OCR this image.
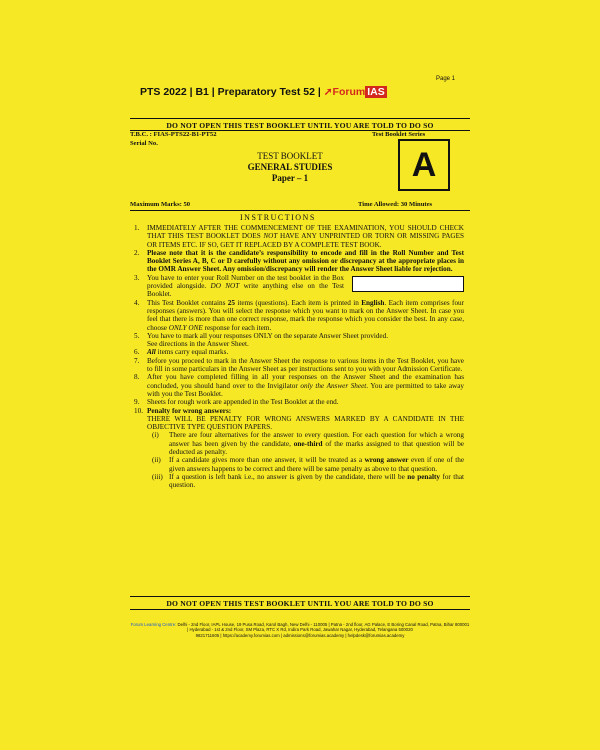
Page 1
PTS 2022 | B1 | Preparatory Test 52 | ➚Forum IAS
DO NOT OPEN THIS TEST BOOKLET UNTIL YOU ARE TOLD TO DO SO
T.B.C. : FIAS-PTS22-B1-PT52	Test Booklet Series
Serial No.
TEST BOOKLET
GENERAL STUDIES
Paper – 1	A
Maximum Marks: 50	Time Allowed: 30 Minutes
INSTRUCTIONS
1.	IMMEDIATELY AFTER THE COMMENCEMENT OF THE EXAMINATION, YOU SHOULD CHECK THAT THIS TEST BOOKLET DOES NOT HAVE ANY UNPRINTED OR TORN OR MISSING PAGES OR ITEMS ETC. IF SO, GET IT REPLACED BY A COMPLETE TEST BOOK.
2.	Please note that it is the candidate’s responsibility to encode and fill in the Roll Number and Test Booklet Series A, B, C or D carefully without any omission or discrepancy at the appropriate places in the OMR Answer Sheet. Any omission/discrepancy will render the Answer Sheet liable for rejection.
3.	You have to enter your Roll Number on the test booklet in the Box provided alongside. DO NOT write anything else on the Test Booklet.
4.	This Test Booklet contains 25 items (questions). Each item is printed in English. Each item comprises four responses (answers). You will select the response which you want to mark on the Answer Sheet. In case you feel that there is more than one correct response, mark the response which you consider the best. In any case, choose ONLY ONE response for each item.
5.	You have to mark all your responses ONLY on the separate Answer Sheet provided.
See directions in the Answer Sheet.
6.	All items carry equal marks.
7.	Before you proceed to mark in the Answer Sheet the response to various items in the Test Booklet, you have to fill in some particulars in the Answer Sheet as per instructions sent to you with your Admission Certificate.
8.	After you have completed filling in all your responses on the Answer Sheet and the examination has concluded, you should hand over to the Invigilator only the Answer Sheet. You are permitted to take away with you the Test Booklet.
9.	Sheets for rough work are appended in the Test Booklet at the end.
10. Penalty for wrong answers:
THERE WILL BE PENALTY FOR WRONG ANSWERS MARKED BY A CANDIDATE IN THE OBJECTIVE TYPE QUESTION PAPERS.
(i)	There are four alternatives for the answer to every question. For each question for which a wrong answer has been given by the candidate, one-third of the marks assigned to that question will be deducted as penalty.
(ii)	If a candidate gives more than one answer, it will be treated as a wrong answer even if one of the given answers happens to be correct and there will be same penalty as above to that question.
(iii) If a question is left bank i.e., no answer is given by the candidate, there will be no penalty for that question.
DO NOT OPEN THIS TEST BOOKLET UNTIL YOU ARE TOLD TO DO SO
Forum Learning Centre: Delhi - 2nd Floor, IAPL House, 19 Pusa Road, Karol Bagh, New Delhi - 110005 | Patna - 2nd floor, AG Palace, E Boring Canal Road, Patna, Bihar 800001 | Hyderabad - 1st & 2nd Floor, SM Plaza, RTC X Rd, Indira Park Road, Jawahar Nagar, Hyderabad, Telangana 500020
9821711605 | https://academy.forumias.com | admissions@forumias.academy | helpdesk@forumias.academy
